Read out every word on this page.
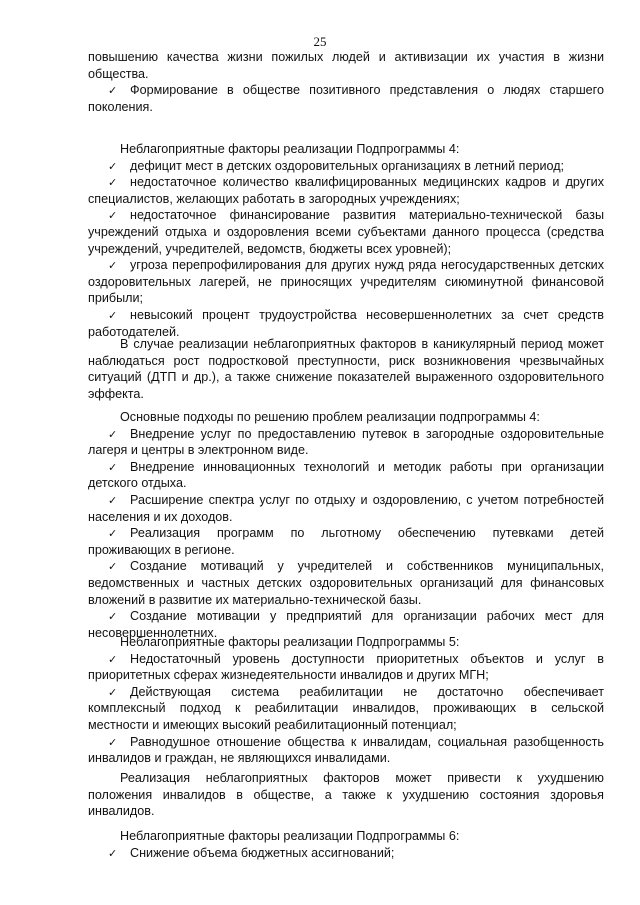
25
повышению качества жизни пожилых людей и активизации их участия в жизни
общества.
✓ Формирование в обществе позитивного представления о людях старшего
поколения.
Неблагоприятные факторы реализации Подпрограммы 4:
✓ дефицит мест в детских оздоровительных организациях в летний период;
✓ недостаточное количество квалифицированных медицинских кадров и других
специалистов, желающих работать в загородных учреждениях;
✓ недостаточное финансирование развития материально-технической базы
учреждений отдыха и оздоровления всеми субъектами данного процесса (средства
учреждений, учредителей, ведомств, бюджеты всех уровней);
✓ угроза перепрофилирования для других нужд ряда негосударственных детских
оздоровительных лагерей, не приносящих учредителям сиюминутной финансовой
прибыли;
✓ невысокий процент трудоустройства несовершеннолетних за счет средств
работодателей.
В случае реализации неблагоприятных факторов в каникулярный период может
наблюдаться рост подростковой преступности, риск возникновения чрезвычайных
ситуаций (ДТП и др.), а также снижение показателей выраженного оздоровительного
эффекта.
Основные подходы по решению проблем реализации подпрограммы 4:
✓ Внедрение услуг по предоставлению путевок в загородные оздоровительные
лагеря и центры в электронном виде.
✓ Внедрение инновационных технологий и методик работы при организации
детского отдыха.
✓ Расширение спектра услуг по отдыху и оздоровлению, с учетом потребностей
населения и их доходов.
✓ Реализация программ по льготному обеспечению путевками детей
проживающих в регионе.
✓ Создание мотиваций у учредителей и собственников муниципальных,
ведомственных и частных детских оздоровительных организаций для финансовых
вложений в развитие их материально-технической базы.
✓ Создание мотивации у предприятий для организации рабочих мест для
несовершеннолетних.
Неблагоприятные факторы реализации Подпрограммы 5:
✓ Недостаточный уровень доступности приоритетных объектов и услуг в
приоритетных сферах жизнедеятельности инвалидов и других МГН;
✓ Действующая система реабилитации не достаточно обеспечивает
комплексный подход к реабилитации инвалидов, проживающих в сельской
местности и имеющих высокий реабилитационный потенциал;
✓ Равнодушное отношение общества к инвалидам, социальная разобщенность
инвалидов и граждан, не являющихся инвалидами.
Реализация неблагоприятных факторов может привести к ухудшению
положения инвалидов в обществе, а также к ухудшению состояния здоровья
инвалидов.
Неблагоприятные факторы реализации Подпрограммы 6:
✓ Снижение объема бюджетных ассигнований;
